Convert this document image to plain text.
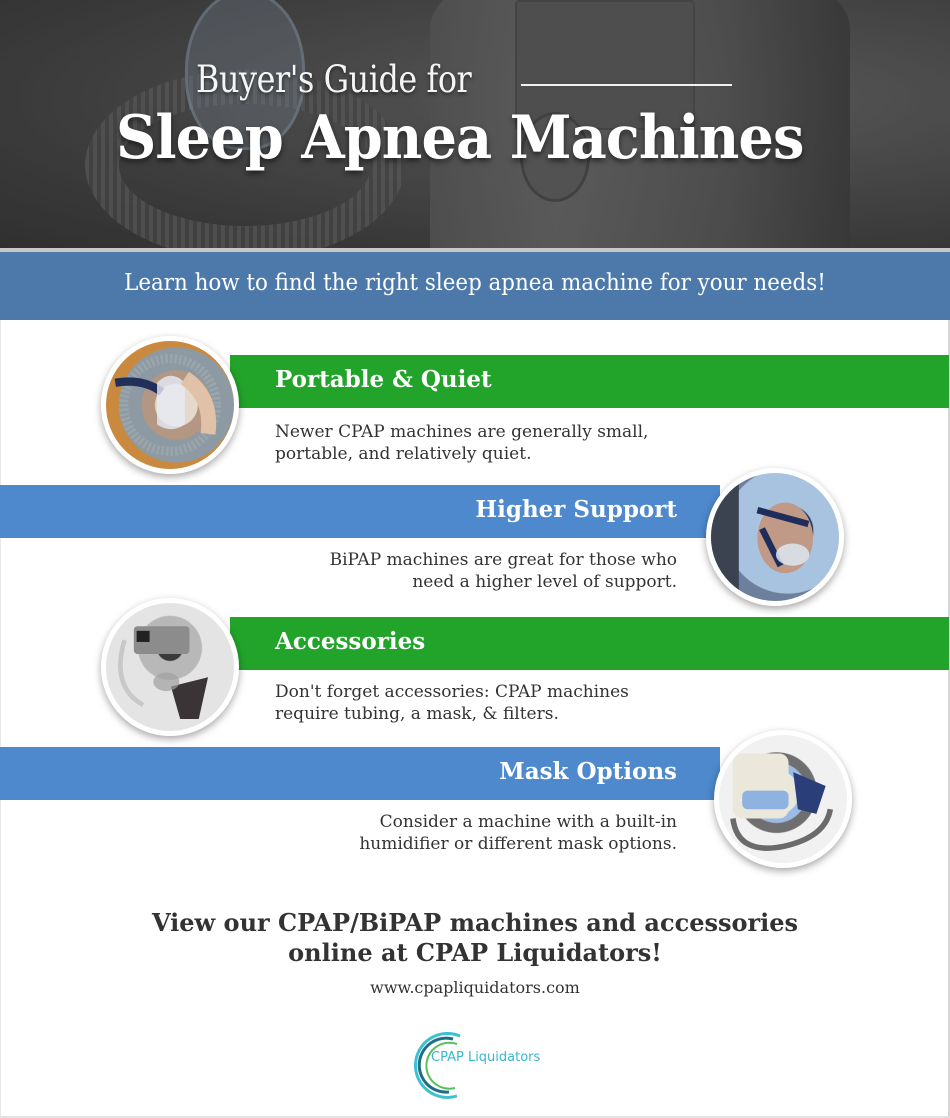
Buyer's Guide for
Sleep Apnea Machines
Learn how to find the right sleep apnea machine for your needs!
Portable & Quiet
Newer CPAP machines are generally small,
portable, and relatively quiet.
Higher Support
BiPAP machines are great for those who
need a higher level of support.
Accessories
Don't forget accessories: CPAP machines
require tubing, a mask, & filters.
Mask Options
Consider a machine with a built-in
humidifier or different mask options.
View our CPAP/BiPAP machines and accessories
online at CPAP Liquidators!
www.cpapliquidators.com
CPAP Liquidators
